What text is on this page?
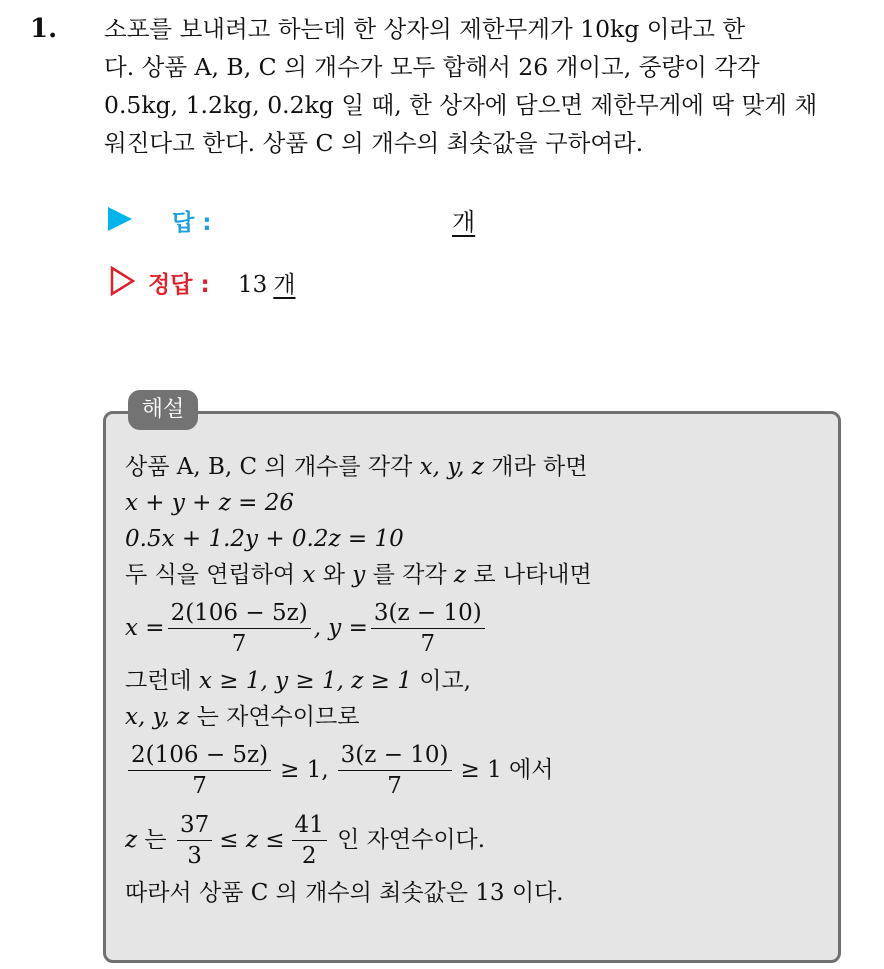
1. 소포를 보내려고 하는데 한 상자의 제한무게가 10kg 이라고 한
다. 상품 A, B, C 의 개수가 모두 합해서 26 개이고, 중량이 각각
0.5kg, 1.2kg, 0.2kg 일 때, 한 상자에 담으면 제한무게에 딱 맞게 채
워진다고 한다. 상품 C 의 개수의 최솟값을 구하여라.
답 :	개
정답 : 13 개
해설
상품 A, B, C 의 개수를 각각 x, y, z 개라 하면
x + y + z = 26
0.5x + 1.2y + 0.2z = 10
두 식을 연립하여 x 와 y 를 각각 z 로 나타내면
$x = \frac{2(106 - 5z)}{7}$ , $y = \frac{3(z - 10)}{7}$
그런데 x ≥ 1, y ≥ 1, z ≥ 1 이고,
x, y, z 는 자연수이므로
$\frac{2(106 - 5z)}{7} \ge 1$, $\frac{3(z - 10)}{7} \ge 1$ 에서
z 는 $\frac{37}{3} \le z \le \frac{41}{2}$ 인 자연수이다.
따라서 상품 C 의 개수의 최솟값은 13 이다.
